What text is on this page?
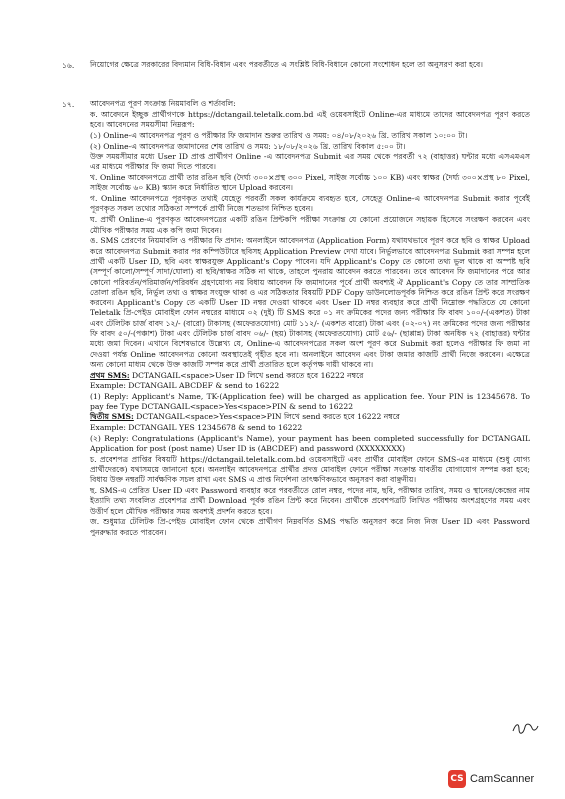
১৬.	নিয়োগের ক্ষেত্রে সরকারের বিদ্যমান বিধি-বিধান এবং পরবর্তীতে এ সংশ্লিষ্ট বিধি-বিধানে কোনো সংশোধন হলে তা অনুসরণ করা হবে।
১৭.	আবেদনপত্র পূরণ সংক্রান্ত নিয়মাবলি ও শর্তাবলি:

ক. আবেদনে ইচ্ছুক প্রার্থীগণকে https://dctangail.teletalk.com.bd এই ওয়েবসাইটে Online-এর মাধ্যমে তাদের আবেদনপত্র পূরণ করতে হবে। আবেদনের সময়সীমা নিম্নরূপ:

(১) Online-এ আবেদনপত্র পূরণ ও পরীক্ষার ফি জমাদান শুরুর তারিখ ও সময়: ০৪/০৮/২০২৬ খ্রি. তারিখ সকাল ১০:০০ টা।

(২) Online-এ আবেদনপত্র জমাদানের শেষ তারিখ ও সময়: ১৮/০৮/২০২৬ খ্রি. তারিখ বিকাল ৫:০০ টা।

উক্ত সময়সীমার মধ্যে User ID প্রাপ্ত প্রার্থীগণ Online -এ আবেদনপত্র Submit এর সময় থেকে পরবর্তী ৭২ (বাহাত্তর) ঘন্টার মধ্যে এসএমএস এর মাধ্যমে পরীক্ষার ফি জমা দিতে পারবে।

খ. Online আবেদনপত্রে প্রার্থী তার রঙিন ছবি (দৈর্ঘ্য ৩০০×প্রস্থ ৩০০ Pixel, সাইজ সর্বোচ্চ ১০০ KB) এবং স্বাক্ষর (দৈর্ঘ্য ৩০০×প্রস্থ ৮০ Pixel, সাইজ সর্বোচ্চ ৬০ KB) স্ক্যান করে নির্ধারিত স্থানে Upload করবেন।

গ. Online আবেদনপত্রে পূরণকৃত তথ্যই যেহেতু পরবর্তী সকল কার্যক্রমে ব্যবহৃত হবে, সেহেতু Online-এ আবেদনপত্র Submit করার পূর্বেই পূরণকৃত সকল তথ্যের সঠিকতা সম্পর্কে প্রার্থী নিজে শতভাগ নিশ্চিত হবেন।

ঘ. প্রার্থী Online-এ পূরণকৃত আবেদনপত্রের একটি রঙিন প্রিন্টকপি পরীক্ষা সংক্রান্ত যে কোনো প্রয়োজনে সহায়ক হিসেবে সংরক্ষণ করবেন এবং মৌখিক পরীক্ষার সময় এক কপি জমা দিবেন।

ঙ. SMS প্রেরণের নিয়মাবলি ও পরীক্ষার ফি প্রদান: অনলাইনে আবেদনপত্র (Application Form) যথাযথভাবে পূরণ করে ছবি ও স্বাক্ষর Upload করে আবেদনপত্র Submit করার পর কম্পিউটারে ছবিসহ Application Preview দেখা যাবে। নির্ভুলভাবে আবেদনপত্র Submit করা সম্পন্ন হলে প্রার্থী একটি User ID, ছবি এবং স্বাক্ষরযুক্ত Applicant's Copy পাবেন। যদি Applicant's Copy তে কোনো তথ্য ভুল থাকে বা অস্পষ্ট ছবি (সম্পূর্ণ কালো/সম্পূর্ণ সাদা/ঘোলা) বা ছবি/স্বাক্ষর সঠিক না থাকে, তাহলে পুনরায় আবেদন করতে পারবেন। তবে আবেদন ফি জমাদানের পরে আর কোনো পরিবর্তন/পরিমার্জন/পরিবর্ধন গ্রহণযোগ্য নয় বিধায় আবেদন ফি জমাদানের পূর্বে প্রার্থী অবশ্যই ঐ Applicant's Copy তে তার সাম্প্রতিক তোলা রঙিন ছবি, নির্ভুল তথ্য ও স্বাক্ষর সংযুক্ত থাকা ও এর সঠিকতার বিষয়টি PDF Copy ডাউনলোডপূর্বক নিশ্চিত করে রঙিন প্রিন্ট করে সংরক্ষণ করবেন। Applicant's Copy তে একটি User ID নম্বর দেওয়া থাকবে এবং User ID নম্বর ব্যবহার করে প্রার্থী নিম্নোক্ত পদ্ধতিতে যে কোনো Teletalk প্রি-পেইড মোবাইল ফোন নম্বরের মাধ্যমে ০২ (দুই) টি SMS করে ০১ নং ক্রমিকের পদের জন্য পরীক্ষার ফি বাবদ ১০০/-(একশত) টাকা এবং টেলিটক চার্জ বাবদ ১২/- (বারো) টাকাসহ (অফেরতযোগ্য) মোট ১১২/- (একশত বারো) টাকা এবং (০২-০৭) নং ক্রমিকের পদের জন্য পরীক্ষার ফি বাবদ ৫০/-(পঞ্চাশ) টাকা এবং টেলিটক চার্জ বাবদ ০৬/- (ছয়) টাকাসহ (অফেরতযোগ্য) মোট ৫৬/- (ছাপ্পান্ন) টাকা অনধিক ৭২ (বাহাত্তর) ঘন্টার মধ্যে জমা দিবেন। এখানে বিশেষভাবে উল্লেখ্য যে, Online-এ আবেদনপত্রের সকল অংশ পূরণ করে Submit করা হলেও পরীক্ষার ফি জমা না দেওয়া পর্যন্ত Online আবেদনপত্র কোনো অবস্থাতেই গৃহীত হবে না। অনলাইনে আবেদন এবং টাকা জমার কাজটি প্রার্থী নিজে করবেন। এক্ষেত্রে অন্য কোনো মাধ্যম থেকে উক্ত কাজটি সম্পন্ন করে প্রার্থী প্রতারিত হলে কর্তৃপক্ষ দায়ী থাকবে না।

প্রথম SMS: DCTANGAIL<space>User ID লিখে send করতে হবে 16222 নম্বরে

Example: DCTANGAIL ABCDEF & send to 16222

(1) Reply: Applicant's Name, TK-(Application fee) will be charged as application fee. Your PIN is 12345678. To pay fee Type DCTANGAIL<space>Yes<space>PIN & send to 16222

দ্বিতীয় SMS: DCTANGAIL<space>Yes<space>PIN লিখে send করতে হবে 16222 নম্বরে

Example: DCTANGAIL YES 12345678 & send to 16222

(২) Reply: Congratulations (Applicant's Name), your payment has been completed successfully for DCTANGAIL Application for post (post name) User ID is (ABCDEF) and password (XXXXXXXX)

চ. প্রবেশপত্র প্রাপ্তির বিষয়টি https://dctangail.teletalk.com.bd ওয়েবসাইটে এবং প্রার্থীর মোবাইল ফোনে SMS-এর মাধ্যমে (শুধু যোগ্য প্রার্থীদেরকে) যথাসময়ে জানানো হবে। অনলাইন আবেদনপত্রে প্রার্থীর প্রদত্ত মোবাইল ফোনে পরীক্ষা সংক্রান্ত যাবতীয় যোগাযোগ সম্পন্ন করা হবে; বিধায় উক্ত নম্বরটি সার্বক্ষণিক সচল রাখা এবং SMS এ প্রাপ্ত নির্দেশনা তাৎক্ষণিকভাবে অনুসরণ করা বাঞ্ছনীয়।

ছ. SMS-এ প্রেরিত User ID এবং Password ব্যবহার করে পরবর্তীতে রোল নম্বর, পদের নাম, ছবি, পরীক্ষার তারিখ, সময় ও স্থানের/কেন্দ্রের নাম ইত্যাদি তথ্য সংবলিত প্রবেশপত্র প্রার্থী Download পূর্বক রঙিন প্রিন্ট করে নিবেন। প্রার্থীকে প্রবেশপত্রটি লিখিত পরীক্ষায় অংশগ্রহণের সময় এবং উত্তীর্ণ হলে মৌখিক পরীক্ষার সময় অবশ্যই প্রদর্শন করতে হবে।

জ. শুধুমাত্র টেলিটক প্রি-পেইড মোবাইল ফোন থেকে প্রার্থীগণ নিম্নবর্ণিত SMS পদ্ধতি অনুসরণ করে নিজ নিজ User ID এবং Password পুনরুদ্ধার করতে পারবেন।

CS CamScanner
